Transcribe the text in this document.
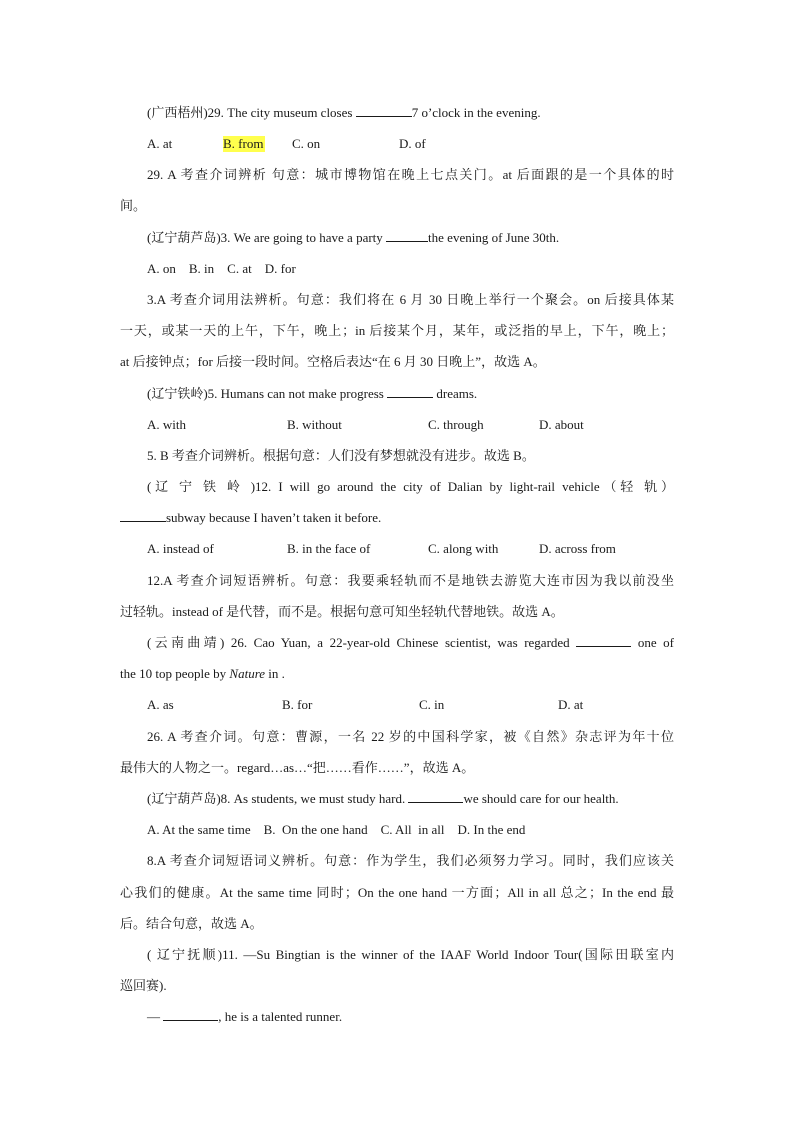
(广西梧州)29. The city museum closes	7 o’clock in the evening.
A. at	B. from C. on	D. of
29. A 考查介词辨析 句意：城市博物馆在晚上七点关门。at 后面跟的是一个具体的时
间。
(辽宁葫芦岛)3. We are going to have a party	the evening of June 30th.
A. on    B. in    C. at    D. for
3.A 考查介词用法辨析。句意：我们将在 6 月 30 日晚上举行一个聚会。on 后接具体某
一天，或某一天的上午，下午，晚上；in 后接某个月，某年，或泛指的早上，下午，晚上；
at 后接钟点；for 后接一段时间。空格后表达“在 6 月 30 日晚上”，故选 A。
(辽宁铁岭)5. Humans can not make progress	dreams.
A. with	B. without	C. through	D. about
5. B 考查介词辨析。根据句意：人们没有梦想就没有进步。故选 B。
(辽 宁 铁 岭 )12. I will go around the city of Dalian by light-rail vehicle（轻 轨）
subway because I haven’t taken it before.
A. instead of	B. in the face of	C. along with	D. across from
12.A 考查介词短语辨析。句意：我要乘轻轨而不是地铁去游览大连市因为我以前没坐
过轻轨。instead of 是代替，而不是。根据句意可知坐轻轨代替地铁。故选 A。
(云南曲靖) 26. Cao Yuan, a 22-year-old Chinese scientist, was regarded	one of
the 10 top people by Nature in .
A. as	B. for	C. in	D. at
26. A 考查介词。句意：曹源，一名 22 岁的中国科学家，被《自然》杂志评为年十位
最伟大的人物之一。regard…as…“把……看作……”，故选 A。
(辽宁葫芦岛)8. As students, we must study hard.	we should care for our health.
A. At the same time    B.  On the one hand    C. All  in all    D. In the end
8.A 考查介词短语词义辨析。句意：作为学生，我们必须努力学习。同时，我们应该关
心我们的健康。At the same time 同时；On the one hand 一方面；All in all 总之；In the end 最
后。结合句意，故选 A。
( 辽宁抚顺)11. —Su Bingtian is the winner of the IAAF World Indoor Tour(国际田联室内
巡回赛).
—	, he is a talented runner.
